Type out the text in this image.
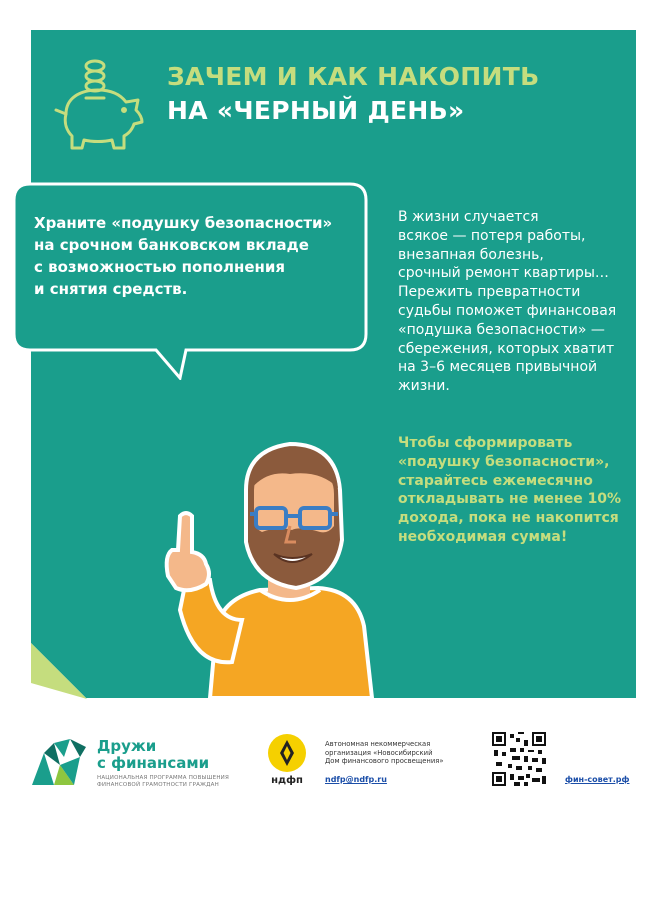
ЗАЧЕМ И КАК НАКОПИТЬ
НА «ЧЕРНЫЙ ДЕНЬ»
Храните «подушку безопасности»
на срочном банковском вкладе
с возможностью пополнения
и снятия средств.
В жизни случается
всякое — потеря работы,
внезапная болезнь,
срочный ремонт квартиры…
Пережить превратности
судьбы поможет финансовая
«подушка безопасности» —
сбережения, которых хватит
на 3–6 месяцев привычной
жизни.
Чтобы сформировать
«подушку безопасности»,
старайтесь ежемесячно
откладывать не менее 10%
дохода, пока не накопится
необходимая сумма!
Дружи
с финансами
НАЦИОНАЛЬНАЯ ПРОГРАММА ПОВЫШЕНИЯ
ФИНАНСОВОЙ ГРАМОТНОСТИ ГРАЖДАН	ндфп
Автономная некоммерческая
организация «Новосибирский
Дом финансового просвещения»
ndfp@ndfp.ru	фин-совет.рф
